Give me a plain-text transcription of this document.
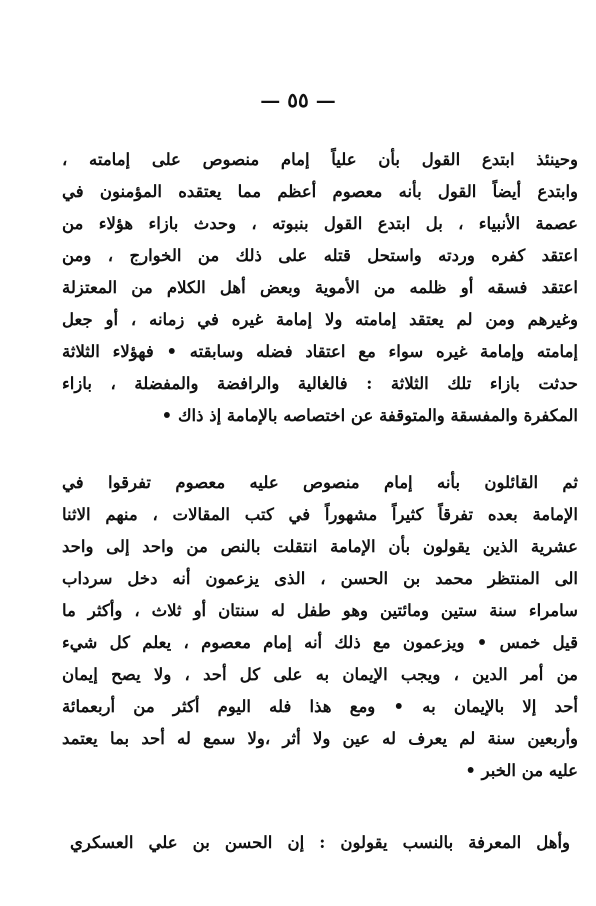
— ٥٥ —
وحينئذ ابتدع القول بأن علياً إمام منصوص على إمامته ،
وابتدع أيضاً القول بأنه معصوم أعظم مما يعتقده المؤمنون في
عصمة الأنبياء ، بل ابتدع القول بنبوته ، وحدث بازاء هؤلاء من
اعتقد كفره وردته واستحل قتله على ذلك من الخوارج ، ومن
اعتقد فسقه أو ظلمه من الأموية وبعض أهل الكلام من المعتزلة
وغيرهم ومن لم يعتقد إمامته ولا إمامة غيره في زمانه ، أو جعل
إمامته وإمامة غيره سواء مع اعتقاد فضله وسابقته • فهؤلاء الثلاثة
حدثت بازاء تلك الثلاثة : فالغالية والرافضة والمفضلة ، بازاء
المكفرة والمفسقة والمتوقفة عن اختصاصه بالإمامة إذ ذاك •
ثم القائلون بأنه إمام منصوص عليه معصوم تفرقوا في
الإمامة بعده تفرقاً كثيراً مشهوراً في كتب المقالات ، منهم الاثنا
عشرية الذين يقولون بأن الإمامة انتقلت بالنص من واحد إلى واحد
الى المنتظر محمد بن الحسن ، الذى يزعمون أنه دخل سرداب
سامراء سنة ستين ومائتين وهو طفل له سنتان أو ثلاث ، وأكثر ما
قيل خمس • ويزعمون مع ذلك أنه إمام معصوم ، يعلم كل شيء
من أمر الدين ، ويجب الإيمان به على كل أحد ، ولا يصح إيمان
أحد إلا بالإيمان به • ومع هذا فله اليوم أكثر من أربعمائة
وأربعين سنة لم يعرف له عين ولا أثر ،ولا سمع له أحد بما يعتمد
عليه من الخبر •
وأهل المعرفة بالنسب يقولون : إن الحسن بن علي العسكري
